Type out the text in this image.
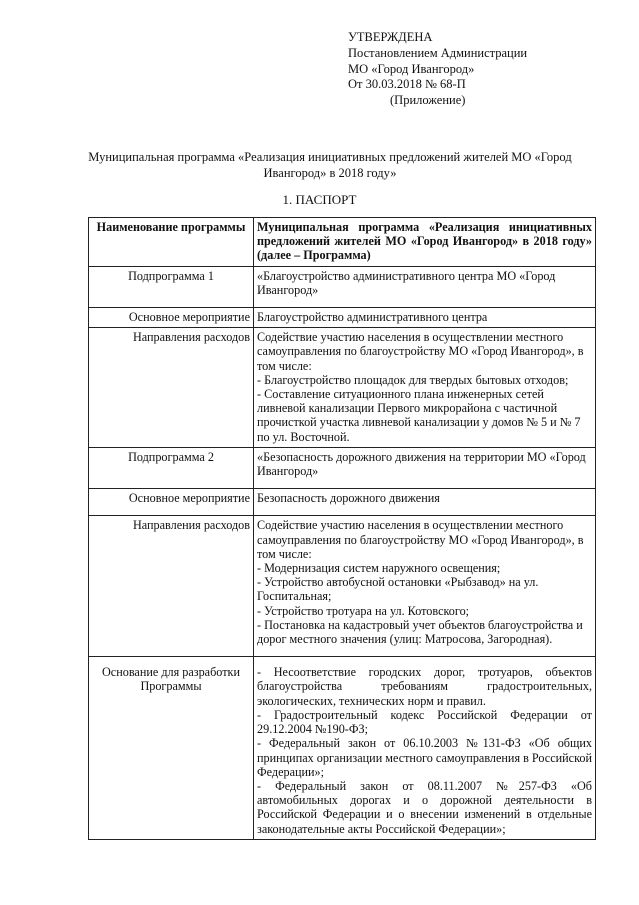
УТВЕРЖДЕНА
Постановлением Администрации
МО «Город Ивангород»
От 30.03.2018 № 68-П
(Приложение)
Муниципальная программа «Реализация инициативных предложений жителей МО «Город Ивангород» в 2018 году»
1. ПАСПОРТ
Наименование программы	Муниципальная программа «Реализация инициативных предложений жителей МО «Город Ивангород» в 2018 году» (далее – Программа)
Подпрограмма 1	«Благоустройство административного центра МО «Город Ивангород»
Основное мероприятие	Благоустройство административного центра
Направления расходов	Содействие участию населения в осуществлении местного самоуправления по благоустройству МО «Город Ивангород», в том числе:
- Благоустройство площадок для твердых бытовых отходов;
- Составление ситуационного плана инженерных сетей ливневой канализации Первого микрорайона с частичной прочисткой участка ливневой канализации у домов № 5 и № 7 по ул. Восточной.

Подпрограмма 2	«Безопасность дорожного движения на территории МО «Город Ивангород»
Основное мероприятие	Безопасность дорожного движения
Направления расходов	Содействие участию населения в осуществлении местного самоуправления по благоустройству МО «Город Ивангород», в том числе:
- Модернизация систем наружного освещения;
- Устройство автобусной остановки «Рыбзавод» на ул. Госпитальная;
- Устройство тротуара на ул. Котовского;
- Постановка на кадастровый учет объектов благоустройства и дорог местного значения (улиц: Матросова, Загородная).

Основание для разработки Программы	- Несоответствие городских дорог, тротуаров, объектов благоустройства требованиям градостроительных, экологических, технических норм и правил.
- Градостроительный кодекс Российской Федерации от 29.12.2004 №190-ФЗ;
- Федеральный закон от 06.10.2003 №131-ФЗ «Об общих принципах организации местного самоуправления в Российской Федерации»;
- Федеральный закон от 08.11.2007 №257-ФЗ «Об автомобильных дорогах и о дорожной деятельности в Российской Федерации и о внесении изменений в отдельные законодательные акты Российской Федерации»;
